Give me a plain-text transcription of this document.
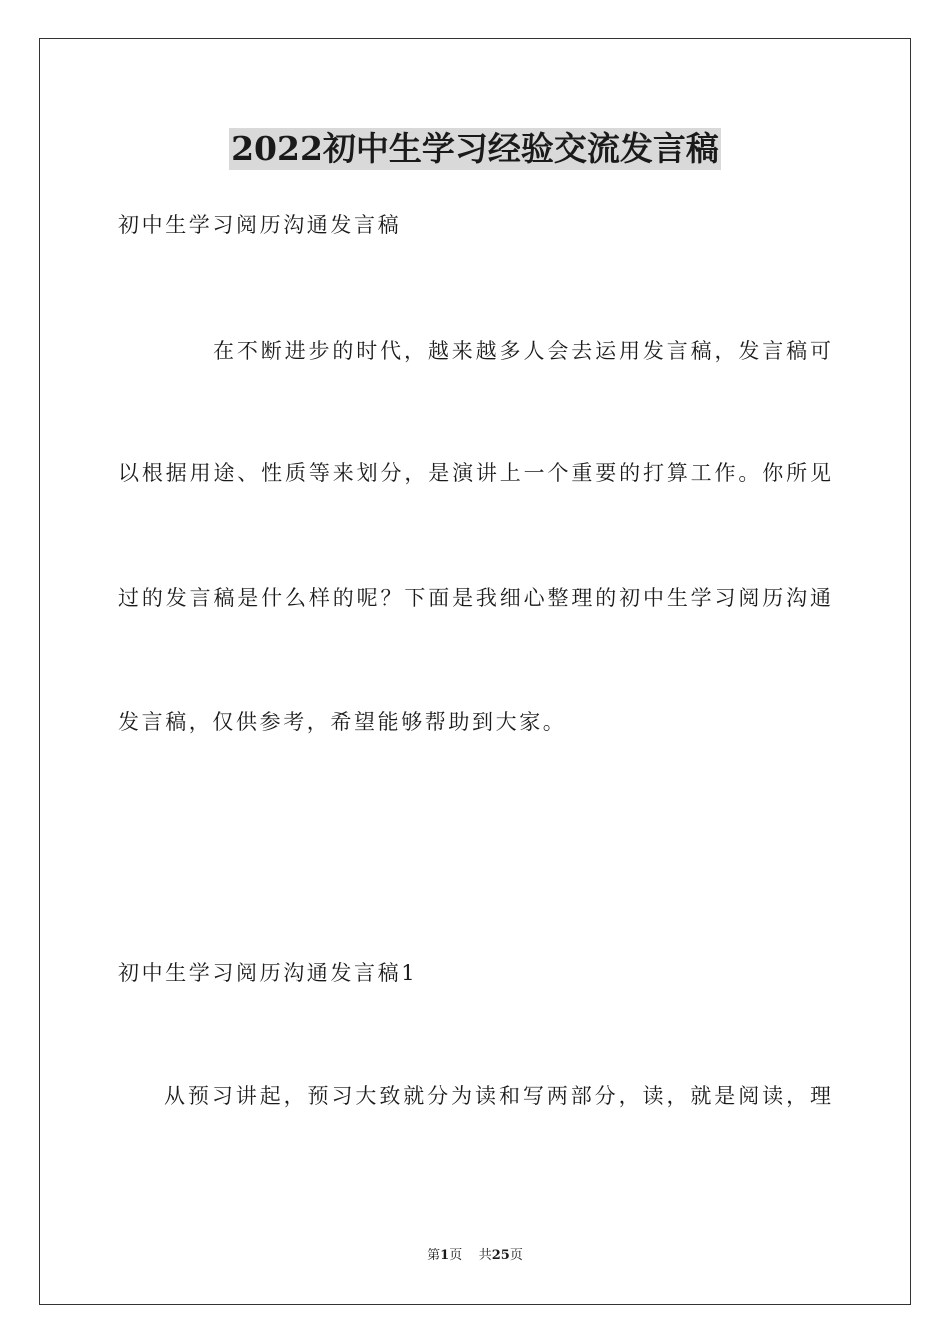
2022初中生学习经验交流发言稿
初中生学习阅历沟通发言稿
在不断进步的时代，越来越多人会去运用发言稿，发言稿可
以根据用途、性质等来划分，是演讲上一个重要的打算工作。你所见
过的发言稿是什么样的呢？下面是我细心整理的初中生学习阅历沟通
发言稿，仅供参考，希望能够帮助到大家。
初中生学习阅历沟通发言稿1
从预习讲起，预习大致就分为读和写两部分，读，就是阅读，理
第1页 共25页
